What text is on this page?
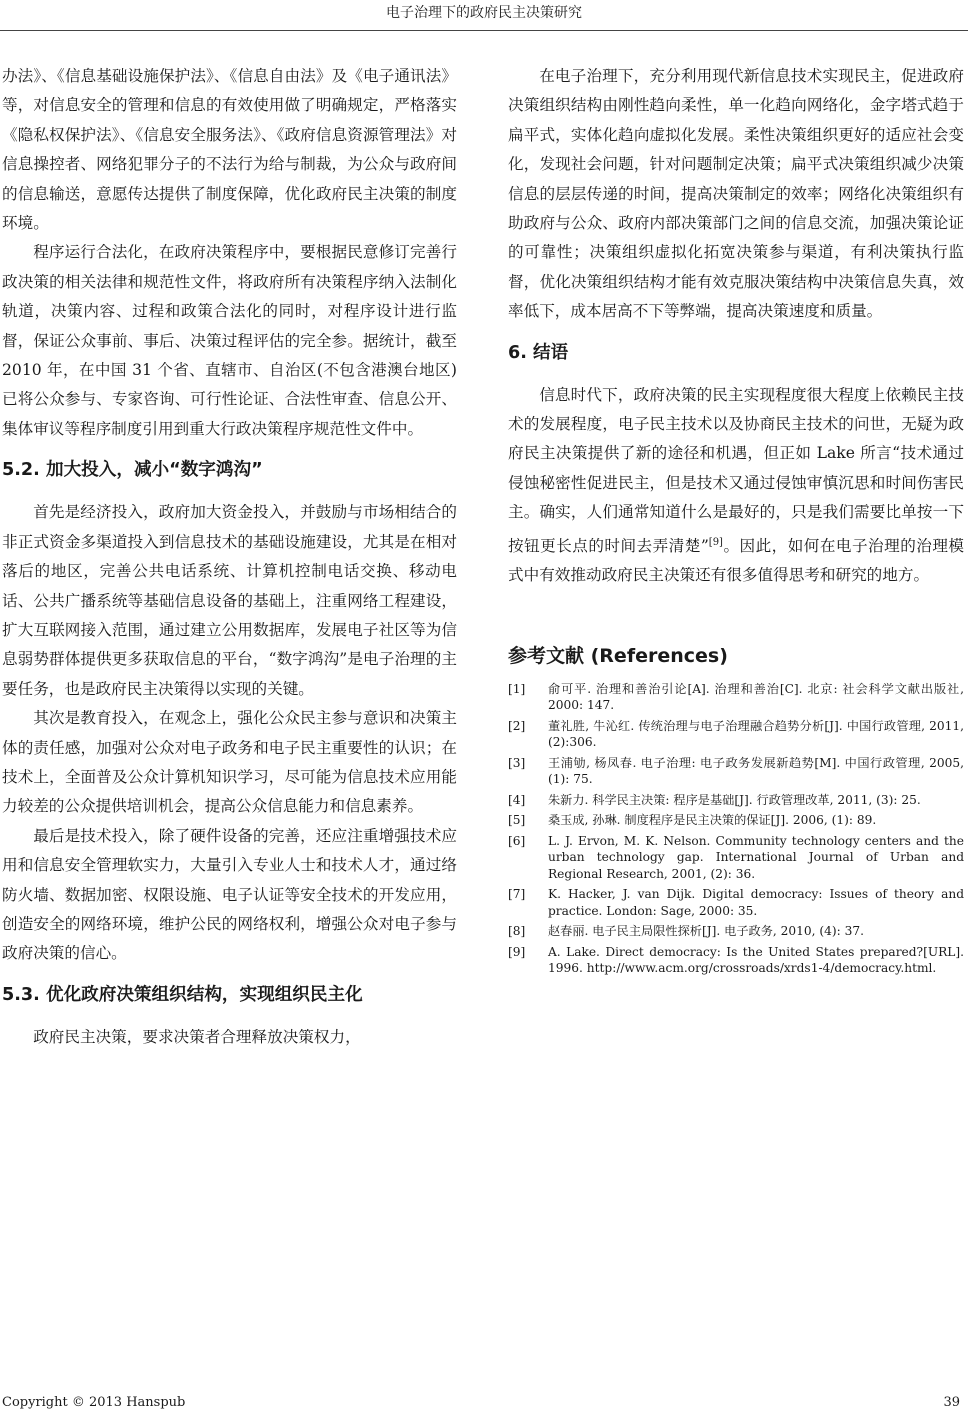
电子治理下的政府民主决策研究

办法》、《信息基础设施保护法》、《信息自由法》及《电子通讯法》等，对信息安全的管理和信息的有效使用做了明确规定，严格落实《隐私权保护法》、《信息安全服务法》、《政府信息资源管理法》对信息操控者、网络犯罪分子的不法行为给与制裁，为公众与政府间的信息输送，意愿传达提供了制度保障，优化政府民主决策的制度环境。

程序运行合法化，在政府决策程序中，要根据民意修订完善行政决策的相关法律和规范性文件，将政府所有决策程序纳入法制化轨道，决策内容、过程和政策合法化的同时，对程序设计进行监督，保证公众事前、事后、决策过程评估的完全参。据统计，截至 2010 年，在中国 31 个省、直辖市、自治区(不包含港澳台地区)已将公众参与、专家咨询、可行性论证、合法性审查、信息公开、集体审议等程序制度引用到重大行政决策程序规范性文件中。

5.2. 加大投入，减小“数字鸿沟”

首先是经济投入，政府加大资金投入，并鼓励与市场相结合的非正式资金多渠道投入到信息技术的基础设施建设，尤其是在相对落后的地区，完善公共电话系统、计算机控制电话交换、移动电话、公共广播系统等基础信息设备的基础上，注重网络工程建设，扩大互联网接入范围，通过建立公用数据库，发展电子社区等为信息弱势群体提供更多获取信息的平台，“数字鸿沟”是电子治理的主要任务，也是政府民主决策得以实现的关键。

其次是教育投入，在观念上，强化公众民主参与意识和决策主体的责任感，加强对公众对电子政务和电子民主重要性的认识；在技术上，全面普及公众计算机知识学习，尽可能为信息技术应用能力较差的公众提供培训机会，提高公众信息能力和信息素养。

最后是技术投入，除了硬件设备的完善，还应注重增强技术应用和信息安全管理软实力，大量引入专业人士和技术人才，通过络防火墙、数据加密、权限设施、电子认证等安全技术的开发应用，创造安全的网络环境，维护公民的网络权利，增强公众对电子参与政府决策的信心。

5.3. 优化政府决策组织结构，实现组织民主化

政府民主决策，要求决策者合理释放决策权力，

在电子治理下，充分利用现代新信息技术实现民主，促进政府决策组织结构由刚性趋向柔性，单一化趋向网络化，金字塔式趋于扁平式，实体化趋向虚拟化发展。柔性决策组织更好的适应社会变化，发现社会问题，针对问题制定决策；扁平式决策组织减少决策信息的层层传递的时间，提高决策制定的效率；网络化决策组织有助政府与公众、政府内部决策部门之间的信息交流，加强决策论证的可靠性；决策组织虚拟化拓宽决策参与渠道，有利决策执行监督，优化决策组织结构才能有效克服决策结构中决策信息失真，效率低下，成本居高不下等弊端，提高决策速度和质量。

6. 结语

信息时代下，政府决策的民主实现程度很大程度上依赖民主技术的发展程度，电子民主技术以及协商民主技术的问世，无疑为政府民主决策提供了新的途径和机遇，但正如 Lake 所言“技术通过侵蚀秘密性促进民主，但是技术又通过侵蚀审慎沉思和时间伤害民主。确实，人们通常知道什么是最好的，只是我们需要比单按一下按钮更长点的时间去弄清楚”[9]。因此，如何在电子治理的治理模式中有效推动政府民主决策还有很多值得思考和研究的地方。

参考文献 (References)
[1]	俞可平. 治理和善治引论[A]. 治理和善治[C]. 北京: 社会科学文献出版社, 2000: 147.
[2]	董礼胜, 牛沁红. 传统治理与电子治理融合趋势分析[J]. 中国行政管理, 2011, (2):306.
[3]	王浦劬, 杨凤春. 电子治理: 电子政务发展新趋势[M]. 中国行政管理, 2005, (1): 75.
[4]	朱新力. 科学民主决策: 程序是基础[J]. 行政管理改革, 2011, (3): 25.
[5]	桑玉成, 孙琳. 制度程序是民主决策的保证[J]. 2006, (1): 89.
[6]	L. J. Ervon, M. K. Nelson. Community technology centers and the urban technology gap. International Journal of Urban and Regional Research, 2001, (2): 36.
[7]	K. Hacker, J. van Dijk. Digital democracy: Issues of theory and practice. London: Sage, 2000: 35.
[8]	赵春丽. 电子民主局限性探析[J]. 电子政务, 2010, (4): 37.
[9]	A. Lake. Direct democracy: Is the United States prepared?[URL]. 1996. http://www.acm.org/crossroads/xrds1-4/democracy.html.
Copyright © 2013 Hanspub	39
